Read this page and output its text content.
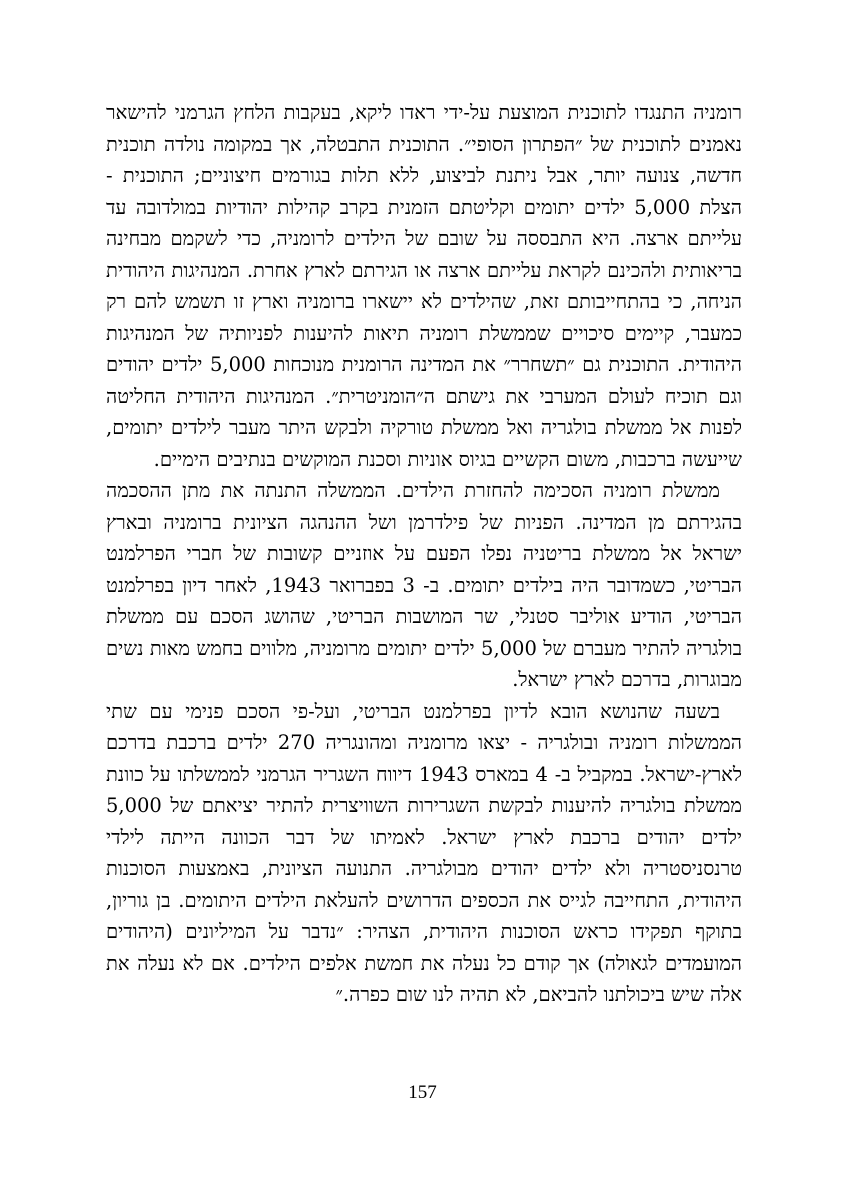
רומניה התנגדו לתוכנית המוצעת על-ידי ראדו ליקא, בעקבות הלחץ הגרמני להישאר נאמנים לתוכנית של ״הפתרון הסופי״. התוכנית התבטלה, אך במקומה נולדה תוכנית חדשה, צנועה יותר, אבל ניתנת לביצוע, ללא תלות בגורמים חיצוניים; התוכנית - הצלת 5,000 ילדים יתומים וקליטתם הזמנית בקרב קהילות יהודיות במולדובה עד עלייתם ארצה. היא התבססה על שובם של הילדים לרומניה, כדי לשקמם מבחינה בריאותית ולהכינם לקראת עלייתם ארצה או הגירתם לארץ אחרת. המנהיגות היהודית הניחה, כי בהתחייבותם זאת, שהילדים לא יישארו ברומניה וארץ זו תשמש להם רק כמעבר, קיימים סיכויים שממשלת רומניה תיאות להיענות לפניותיה של המנהיגות היהודית. התוכנית גם ״תשחרר״ את המדינה הרומנית מנוכחות 5,000 ילדים יהודים וגם תוכיח לעולם המערבי את גישתם ה״הומניטרית״. המנהיגות היהודית החליטה לפנות אל ממשלת בולגריה ואל ממשלת טורקיה ולבקש היתר מעבר לילדים יתומים, שייעשה ברכבות, משום הקשיים בגיוס אוניות וסכנת המוקשים בנתיבים הימיים.

ממשלת רומניה הסכימה להחזרת הילדים. הממשלה התנתה את מתן ההסכמה בהגירתם מן המדינה. הפניות של פילדרמן ושל ההנהגה הציונית ברומניה ובארץ ישראל אל ממשלת בריטניה נפלו הפעם על אוזניים קשובות של חברי הפרלמנט הבריטי, כשמדובר היה בילדים יתומים. ב- 3 בפברואר 1943, לאחר דיון בפרלמנט הבריטי, הודיע אוליבר סטנלי, שר המושבות הבריטי, שהושג הסכם עם ממשלת בולגריה להתיר מעברם של 5,000 ילדים יתומים מרומניה, מלווים בחמש מאות נשים מבוגרות, בדרכם לארץ ישראל.

בשעה שהנושא הובא לדיון בפרלמנט הבריטי, ועל-פי הסכם פנימי עם שתי הממשלות רומניה ובולגריה - יצאו מרומניה ומהונגריה 270 ילדים ברכבת בדרכם לארץ-ישראל. במקביל ב- 4 במארס 1943 דיווח השגריר הגרמני לממשלתו על כוונת ממשלת בולגריה להיענות לבקשת השגרירות השוויצרית להתיר יציאתם של 5,000 ילדים יהודים ברכבת לארץ ישראל. לאמיתו של דבר הכוונה הייתה לילדי טרנסניסטריה ולא ילדים יהודים מבולגריה. התנועה הציונית, באמצעות הסוכנות היהודית, התחייבה לגייס את הכספים הדרושים להעלאת הילדים היתומים. בן גוריון, בתוקף תפקידו כראש הסוכנות היהודית, הצהיר: ״נדבר על המיליונים (היהודים המועמדים לגאולה) אך קודם כל נעלה את חמשת אלפים הילדים. אם לא נעלה את אלה שיש ביכולתנו להביאם, לא תהיה לנו שום כפרה.״

157
